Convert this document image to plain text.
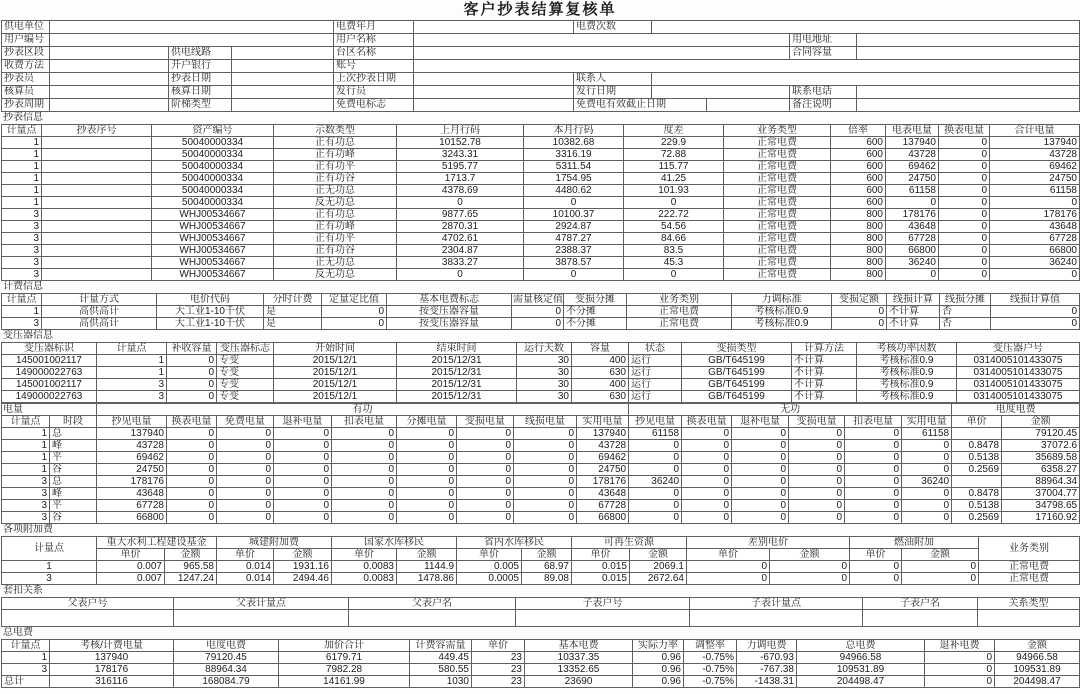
客户抄表结算复核单
供电单位				电费年月		电费次数				
用户编号				用户名称					用电地址	
抄表区段		供电线路		台区名称					合同容量	
收费方法		开户银行		账号						
抄表员		抄表日期		上次抄表日期		联系人				
核算员		核算日期		发行员		发行日期			联系电话	
抄表周期		阶梯类型		免费电标志		免费电有效截止日期			备注说明	
抄表信息
计量点	抄表序号	资产编号	示数类型	上月行码	本月行码	度差	业务类型	倍率	电表电量	换表电量	合计电量
1		50040000334	正有功总	10152.78	10382.68	229.9	正常电费	600	137940	0	137940
1		50040000334	正有功峰	3243.31	3316.19	72.88	正常电费	600	43728	0	43728
1		50040000334	正有功平	5195.77	5311.54	115.77	正常电费	600	69462	0	69462
1		50040000334	正有功谷	1713.7	1754.95	41.25	正常电费	600	24750	0	24750
1		50040000334	正无功总	4378.69	4480.62	101.93	正常电费	600	61158	0	61158
1		50040000334	反无功总	0	0	0	正常电费	600	0	0	0
3		WHJ00534667	正有功总	9877.65	10100.37	222.72	正常电费	800	178176	0	178176
3		WHJ00534667	正有功峰	2870.31	2924.87	54.56	正常电费	800	43648	0	43648
3		WHJ00534667	正有功平	4702.61	4787.27	84.66	正常电费	800	67728	0	67728
3		WHJ00534667	正有功谷	2304.87	2388.37	83.5	正常电费	800	66800	0	66800
3		WHJ00534667	正无功总	3833.27	3878.57	45.3	正常电费	800	36240	0	36240
3		WHJ00534667	反无功总	0	0	0	正常电费	800	0	0	0
计费信息
计量点	计量方式	电价代码	分时计费	定量定比值	基本电费标志	需量核定值	变损分摊	业务类别	力调标准	变损定额	线损计算	线损分摊	线损计算值
1	高供高计	大工业1-10千伏	是	0	按变压器容量	0	不分摊	正常电费	考核标准0.9	0	不计算	否	0
3	高供高计	大工业1-10千伏	是	0	按变压器容量	0	不分摊	正常电费	考核标准0.9	0	不计算	否	0
变压器信息
变压器标识	计量点	补收容量	变压器标志	开始时间	结束时间	运行天数	容量	状态	变损类型	计算方法	考核功率因数	变压器户号
145001002117	1	0	专变	2015/12/1	2015/12/31	30	400	运行	GB/T645199	不计算	考核标准0.9	0314005101433075
149000022763	1	0	专变	2015/12/1	2015/12/31	30	630	运行	GB/T645199	不计算	考核标准0.9	0314005101433075
145001002117	3	0	专变	2015/12/1	2015/12/31	30	400	运行	GB/T645199	不计算	考核标准0.9	0314005101433075
149000022763	3	0	专变	2015/12/1	2015/12/31	30	630	运行	GB/T645199	不计算	考核标准0.9	0314005101433075
电量		有功									无功						电度电费	
计量点	时段	抄见电量	换表电量	免费电量	退补电量	扣表电量	分摊电量	变损电量	线损电量	实用电量	抄见电量	换表电量	退补电量	变损电量	扣表电量	实用电量	单价	金额
1	总	137940	0	0	0	0	0	0	0	137940	61158	0	0	0	0	61158		79120.45
1	峰	43728	0	0	0	0	0	0	0	43728	0	0	0	0	0	0	0.8478	37072.6
1	平	69462	0	0	0	0	0	0	0	69462	0	0	0	0	0	0	0.5138	35689.58
1	谷	24750	0	0	0	0	0	0	0	24750	0	0	0	0	0	0	0.2569	6358.27
3	总	178176	0	0	0	0	0	0	0	178176	36240	0	0	0	0	36240		88964.34
3	峰	43648	0	0	0	0	0	0	0	43648	0	0	0	0	0	0	0.8478	37004.77
3	平	67728	0	0	0	0	0	0	0	67728	0	0	0	0	0	0	0.5138	34798.65
3	谷	66800	0	0	0	0	0	0	0	66800	0	0	0	0	0	0	0.2569	17160.92
各项附加费
计量点	重大水利工程建设基金		城建附加费		国家水库移民		省内水库移民		可再生资源		差别电价		燃油附加		业务类别
	单价	金额	单价	金额	单价	金额	单价	金额	单价	金额	单价	金额	单价	金额	
1	0.007	965.58	0.014	1931.16	0.0083	1144.9	0.005	68.97	0.015	2069.1	0	0	0	0	正常电费
3	0.007	1247.24	0.014	2494.46	0.0083	1478.86	0.0005	89.08	0.015	2672.64	0	0	0	0	正常电费
套扣关系
父表户号	父表计量点	父表户名	子表户号	子表计量点	子表户名	关系类型

总电费
计量点	考核/计费电量	电度电费	加价合计	计费容需量	单价	基本电费	实际力率	调整率	力调电费	总电费	退补电费	金额
1	137940	79120.45	6179.71	449.45	23	10337.35	0.96	-0.75%	-670.93	94966.58	0	94966.58
3	178176	88964.34	7982.28	580.55	23	13352.65	0.96	-0.75%	-767.38	109531.89	0	109531.89
总计	316116	168084.79	14161.99	1030	23	23690	0.96	-0.75%	-1438.31	204498.47	0	204498.47
